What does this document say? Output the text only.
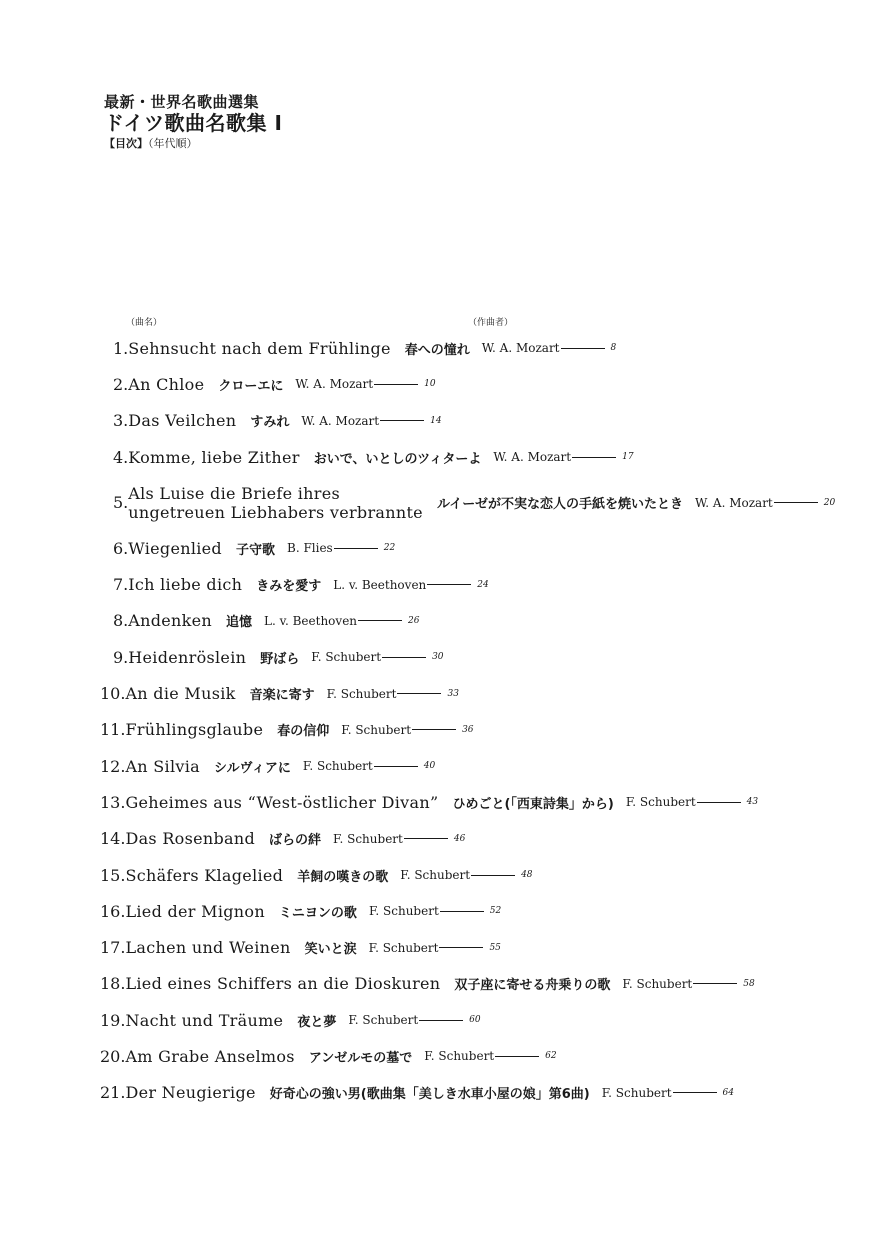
最新・世界名歌曲選集
ドイツ歌曲名歌集 I
【目次】（年代順）
（曲名）	（作曲者）
1. Sehnsucht nach dem Frühlinge 春への憧れ W. A. Mozart	8
2. An Chloe クローエに W. A. Mozart	10
3. Das Veilchen すみれ W. A. Mozart	14
4. Komme, liebe Zither おいで、いとしのツィターよ W. A. Mozart	17
5. Als Luise die Briefe ihres
ungetreuen Liebhabers verbrannte ルイーゼが不実な恋人の手紙を焼いたとき W. A. Mozart	20
6. Wiegenlied 子守歌 B. Flies	22
7. Ich liebe dich きみを愛す L. v. Beethoven	24
8. Andenken 追憶 L. v. Beethoven	26
9. Heidenröslein 野ばら F. Schubert	30
10. An die Musik 音楽に寄す F. Schubert	33
11. Frühlingsglaube 春の信仰 F. Schubert	36
12. An Silvia シルヴィアに F. Schubert	40
13. Geheimes aus “West-östlicher Divan” ひめごと(「西東詩集」から) F. Schubert	43
14. Das Rosenband ばらの絆 F. Schubert	46
15. Schäfers Klagelied 羊飼の嘆きの歌 F. Schubert	48
16. Lied der Mignon ミニヨンの歌 F. Schubert	52
17. Lachen und Weinen 笑いと涙 F. Schubert	55
18. Lied eines Schiffers an die Dioskuren 双子座に寄せる舟乗りの歌 F. Schubert	58
19. Nacht und Träume 夜と夢 F. Schubert	60
20. Am Grabe Anselmos アンゼルモの墓で F. Schubert	62
21. Der Neugierige 好奇心の強い男(歌曲集「美しき水車小屋の娘」第6曲) F. Schubert	64
